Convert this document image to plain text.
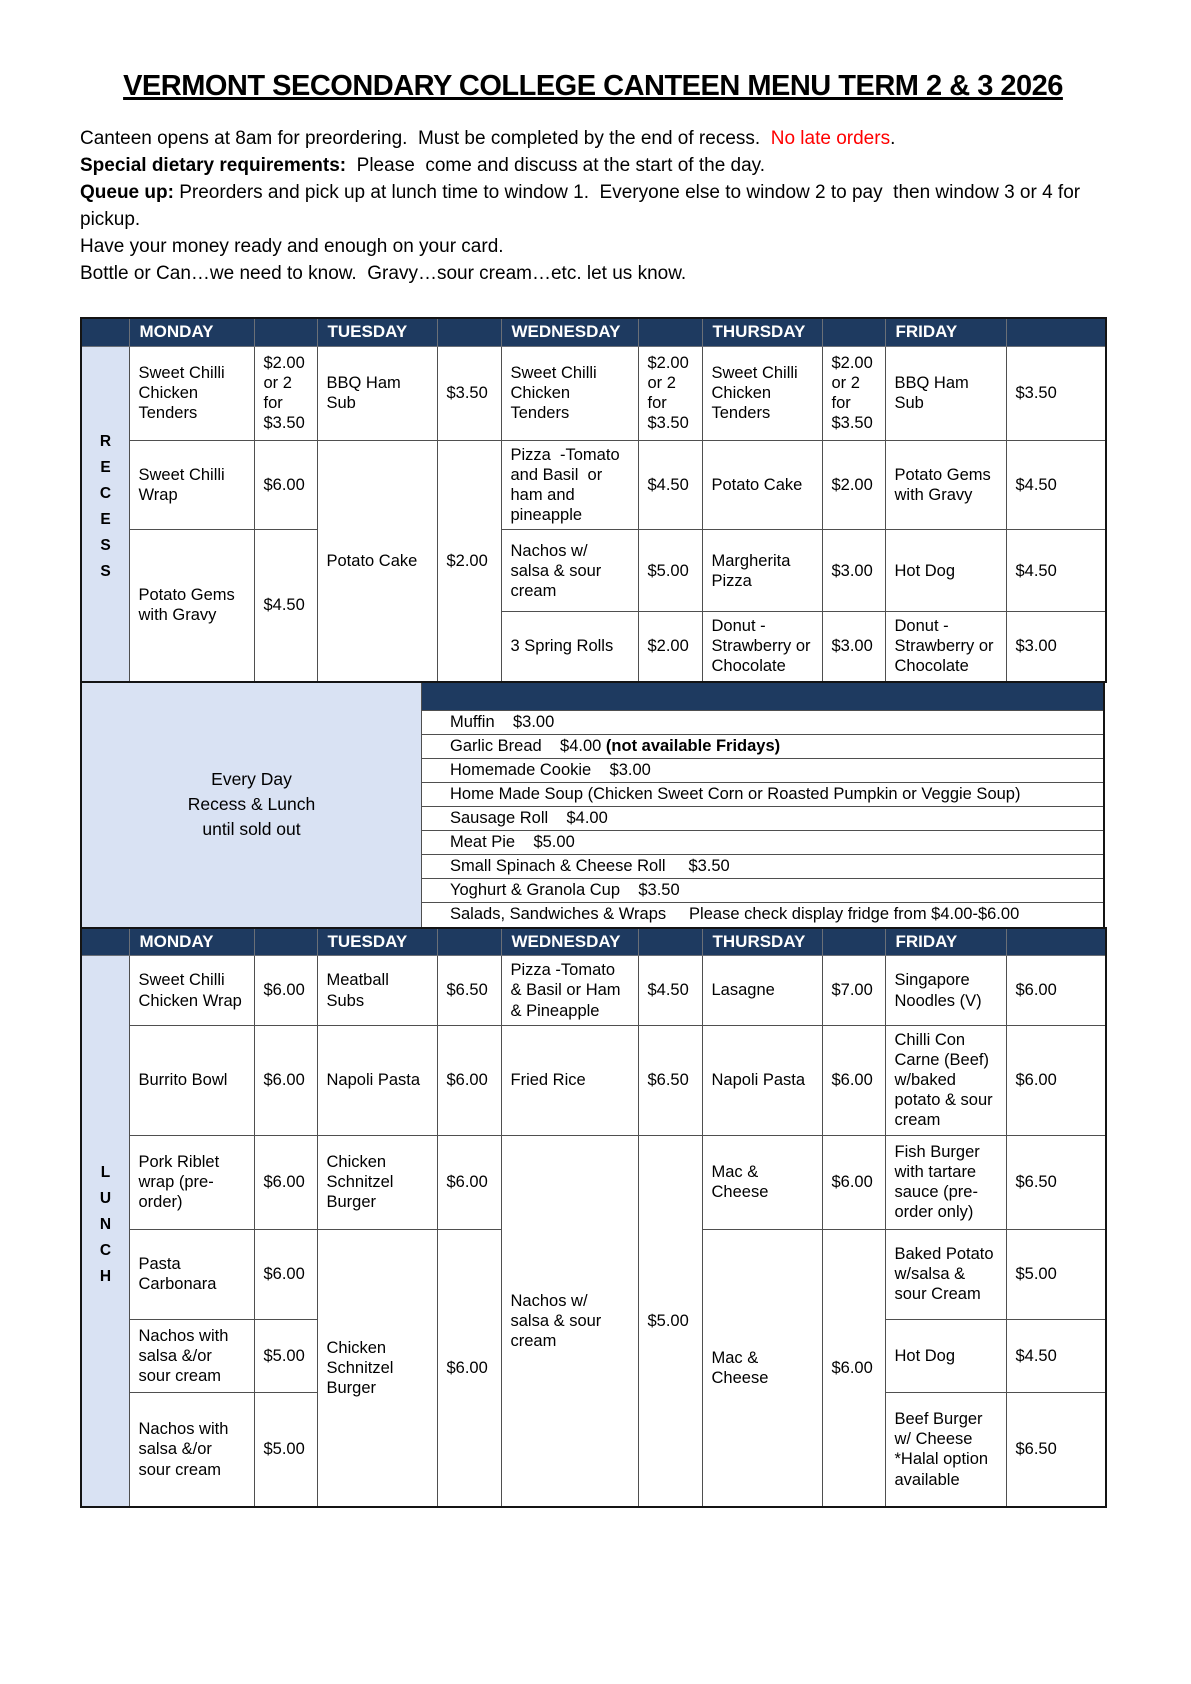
VERMONT SECONDARY COLLEGE CANTEEN MENU TERM 2 & 3 2026

Canteen opens at 8am for preordering.  Must be completed by the end of recess.  No late orders.

Special dietary requirements:  Please  come and discuss at the start of the day.

Queue up: Preorders and pick up at lunch time to window 1.  Everyone else to window 2 to pay  then window 3 or 4 for pickup.

Have your money ready and enough on your card.

Bottle or Can…we need to know.  Gravy…sour cream…etc. let us know.

	MONDAY		TUESDAY		WEDNESDAY		THURSDAY		FRIDAY	
RECESS	Sweet Chilli Chicken Tenders	$2.00 or 2 for $3.50	BBQ Ham Sub	$3.50	Sweet Chilli Chicken Tenders	$2.00 or 2 for $3.50	Sweet Chilli Chicken Tenders	$2.00 or 2 for $3.50	BBQ Ham Sub	$3.50
	Sweet Chilli Wrap	$6.00	Potato Cake	$2.00	Pizza  -Tomato and Basil  or ham and pineapple	$4.50	Potato Cake	$2.00	Potato Gems with Gravy	$4.50
	Potato Gems with Gravy	$4.50			Nachos w/ salsa & sour cream	$5.00	Margherita Pizza	$3.00	Hot Dog	$4.50
					3 Spring Rolls	$2.00	Donut - Strawberry or Chocolate	$3.00	Donut - Strawberry or Chocolate	$3.00
Every Day
Recess & Lunch
until sold out
Muffin    $3.00
Garlic Bread    $4.00 (not available Fridays)
Homemade Cookie    $3.00
Home Made Soup (Chicken Sweet Corn or Roasted Pumpkin or Veggie Soup)
Sausage Roll    $4.00
Meat Pie    $5.00
Small Spinach & Cheese Roll     $3.50
Yoghurt & Granola Cup    $3.50
Salads, Sandwiches & Wraps     Please check display fridge from $4.00-$6.00
	MONDAY		TUESDAY		WEDNESDAY		THURSDAY		FRIDAY	
LUNCH	Sweet Chilli Chicken Wrap	$6.00	Meatball Subs	$6.50	Pizza -Tomato & Basil or Ham & Pineapple	$4.50	Lasagne	$7.00	Singapore Noodles (V)	$6.00
	Burrito Bowl	$6.00	Napoli Pasta	$6.00	Fried Rice	$6.50	Napoli Pasta	$6.00	Chilli Con Carne (Beef) w/baked potato & sour cream	$6.00
	Pork Riblet wrap (pre-order)	$6.00	Chicken Schnitzel Burger	$6.00	Nachos w/ salsa & sour cream	$5.00	Mac & Cheese	$6.00	Fish Burger with tartare sauce (pre-order only)	$6.50
	Pasta Carbonara	$6.00	Chicken Schnitzel Burger	$6.00			Mac & Cheese	$6.00	Baked Potato w/salsa & sour Cream	$5.00
	Nachos with salsa &/or sour cream	$5.00							Hot Dog	$4.50
	Nachos with salsa &/or sour cream	$5.00							Beef Burger w/ Cheese *Halal option available	$6.50
